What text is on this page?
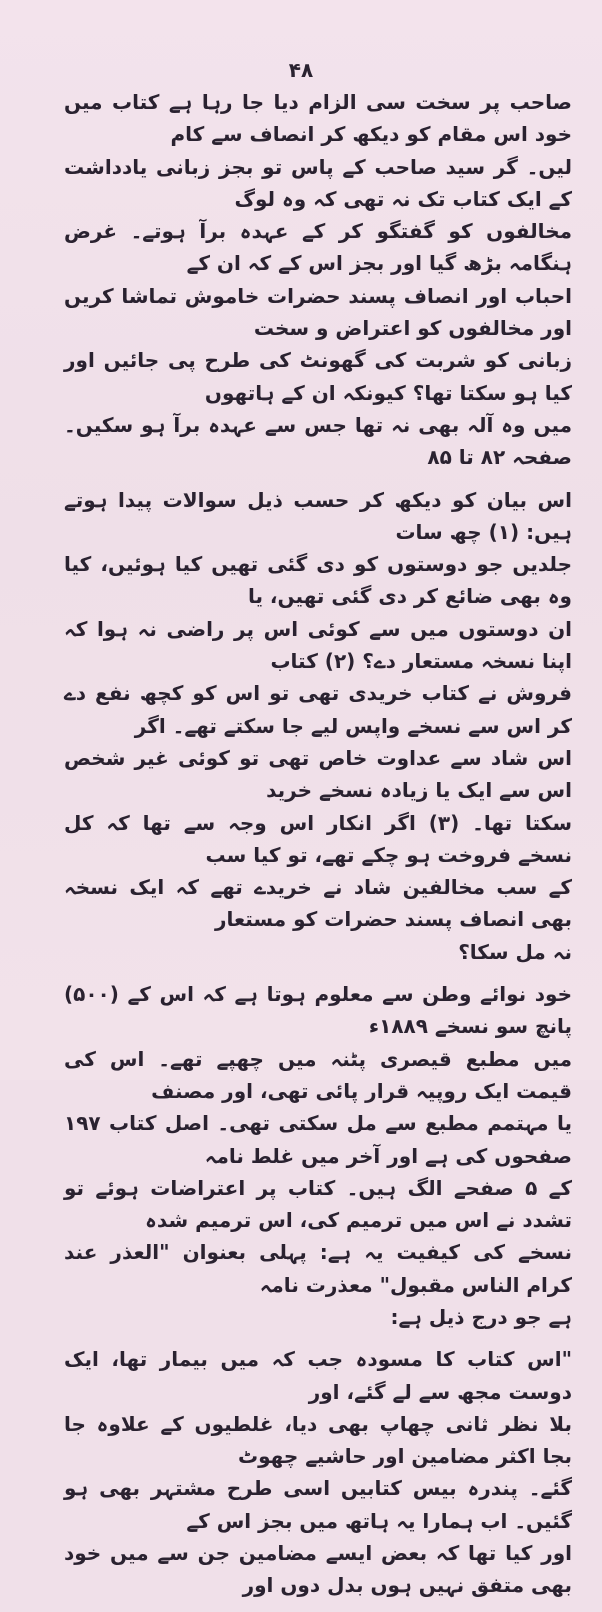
۴۸

صاحب پر سخت سی الزام دیا جا رہا ہے کتاب میں خود اس مقام کو دیکھ کر انصاف سے کام
لیں۔ گر سید صاحب کے پاس تو بجز زبانی یادداشت کے ایک کتاب تک نہ تھی کہ وہ لوگ
مخالفوں کو گفتگو کر کے عہدہ برآ ہوتے۔ غرض ہنگامہ بڑھ گیا اور بجز اس کے کہ ان کے
احباب اور انصاف پسند حضرات خاموش تماشا کریں اور مخالفوں کو اعتراض و سخت
زبانی کو شربت کی گھونٹ کی طرح پی جائیں اور کیا ہو سکتا تھا؟ کیونکہ ان کے ہاتھوں
میں وہ آلہ بھی نہ تھا جس سے عہدہ برآ ہو سکیں۔ صفحہ ۸۲ تا ۸۵

اس بیان کو دیکھ کر حسب ذیل سوالات پیدا ہوتے ہیں: (۱) چھ سات
جلدیں جو دوستوں کو دی گئی تھیں کیا ہوئیں، کیا وہ بھی ضائع کر دی گئی تھیں، یا
ان دوستوں میں سے کوئی اس پر راضی نہ ہوا کہ اپنا نسخہ مستعار دے؟ (۲) کتاب
فروش نے کتاب خریدی تھی تو اس کو کچھ نفع دے کر اس سے نسخے واپس لیے جا سکتے تھے۔ اگر
اس شاد سے عداوت خاص تھی تو کوئی غیر شخص اس سے ایک یا زیادہ نسخے خرید
سکتا تھا۔ (۳) اگر انکار اس وجہ سے تھا کہ کل نسخے فروخت ہو چکے تھے، تو کیا سب
کے سب مخالفین شاد نے خریدے تھے کہ ایک نسخہ بھی انصاف پسند حضرات کو مستعار
نہ مل سکا؟

خود نوائے وطن سے معلوم ہوتا ہے کہ اس کے (۵۰۰) پانچ سو نسخے ۱۸۸۹ء
میں مطبع قیصری پٹنہ میں چھپے تھے۔ اس کی قیمت ایک روپیہ قرار پائی تھی، اور مصنف
یا مہتمم مطبع سے مل سکتی تھی۔ اصل کتاب ۱۹۷ صفحوں کی ہے اور آخر میں غلط نامہ
کے ۵ صفحے الگ ہیں۔ کتاب پر اعتراضات ہوئے تو تشدد نے اس میں ترمیم کی، اس ترمیم شدہ
نسخے کی کیفیت یہ ہے: پہلی بعنوان "العذر عند کرام الناس مقبول" معذرت نامہ
ہے جو درج ذیل ہے:

"اس کتاب کا مسودہ جب کہ میں بیمار تھا، ایک دوست مجھ سے لے گئے، اور
بلا نظر ثانی چھاپ بھی دیا، غلطیوں کے علاوہ جا بجا اکثر مضامین اور حاشیے چھوٹ
گئے۔ پندرہ بیس کتابیں اسی طرح مشتہر بھی ہو گئیں۔ اب ہمارا یہ ہاتھ میں بجز اس کے
اور کیا تھا کہ بعض ایسے مضامین جن سے میں خود بھی متفق نہیں ہوں بدل دوں اور
